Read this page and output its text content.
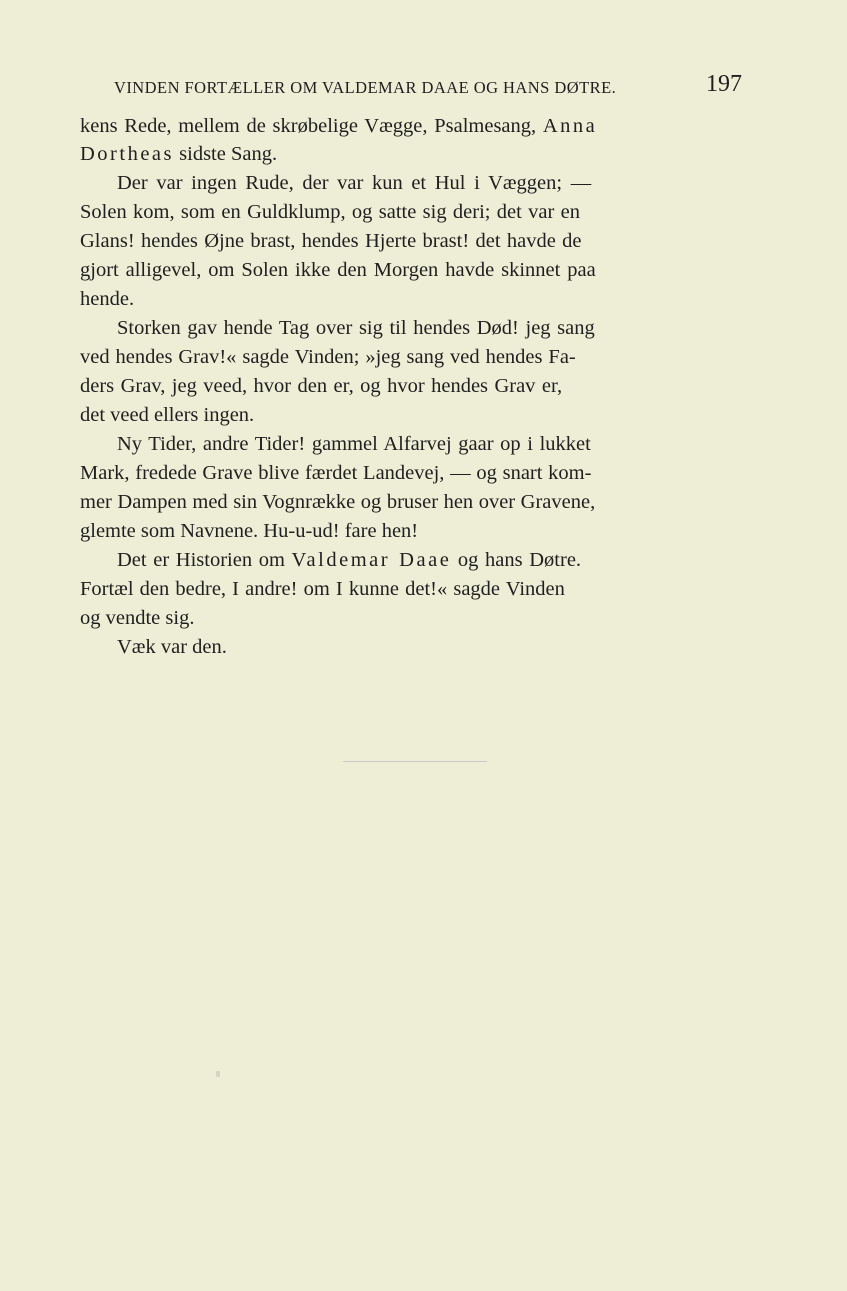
VINDEN FORTÆLLER OM VALDEMAR DAAE OG HANS DØTRE.	197
kens Rede, mellem de skrøbelige Vægge, Psalmesang, Anna
Dortheas sidste Sang.
Der var ingen Rude, der var kun et Hul i Væggen; —
Solen kom, som en Guldklump, og satte sig deri; det var en
Glans! hendes Øjne brast, hendes Hjerte brast! det havde de
gjort alligevel, om Solen ikke den Morgen havde skinnet paa
hende.
Storken gav hende Tag over sig til hendes Død! jeg sang
ved hendes Grav!« sagde Vinden; »jeg sang ved hendes Fa-
ders Grav, jeg veed, hvor den er, og hvor hendes Grav er,
det veed ellers ingen.
Ny Tider, andre Tider! gammel Alfarvej gaar op i lukket
Mark, fredede Grave blive færdet Landevej, — og snart kom-
mer Dampen med sin Vognrække og bruser hen over Gravene,
glemte som Navnene. Hu-u-ud! fare hen!
Det er Historien om Valdemar Daae og hans Døtre.
Fortæl den bedre, I andre! om I kunne det!« sagde Vinden
og vendte sig.
Væk var den.
